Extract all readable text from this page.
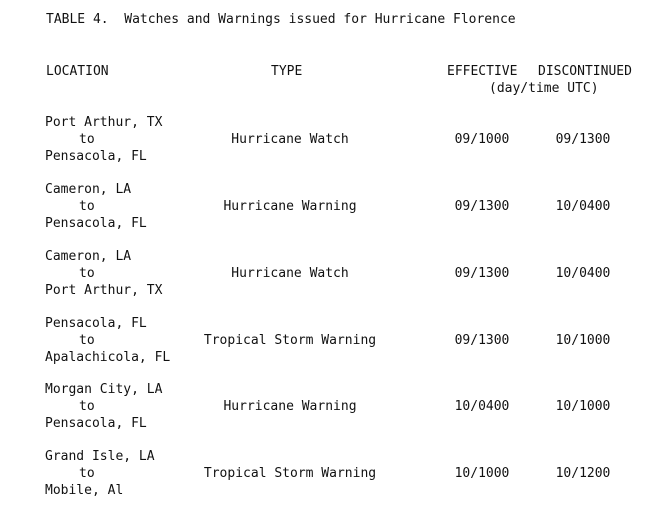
TABLE 4.  Watches and Warnings issued for Hurricane Florence
LOCATION	TYPE	EFFECTIVE DISCONTINUED
(day/time UTC)
Port Arthur, TX
to
Pensacola, FL
Hurricane Watch	09/1000	09/1300
Cameron, LA
to
Pensacola, FL
Hurricane Warning	09/1300	10/0400
Cameron, LA
to
Port Arthur, TX
Hurricane Watch	09/1300	10/0400
Pensacola, FL
to
Apalachicola, FL
Tropical Storm Warning	09/1300	10/1000
Morgan City, LA
to
Pensacola, FL
Hurricane Warning	10/0400	10/1000
Grand Isle, LA
to
Mobile, Al
Tropical Storm Warning	10/1000	10/1200
